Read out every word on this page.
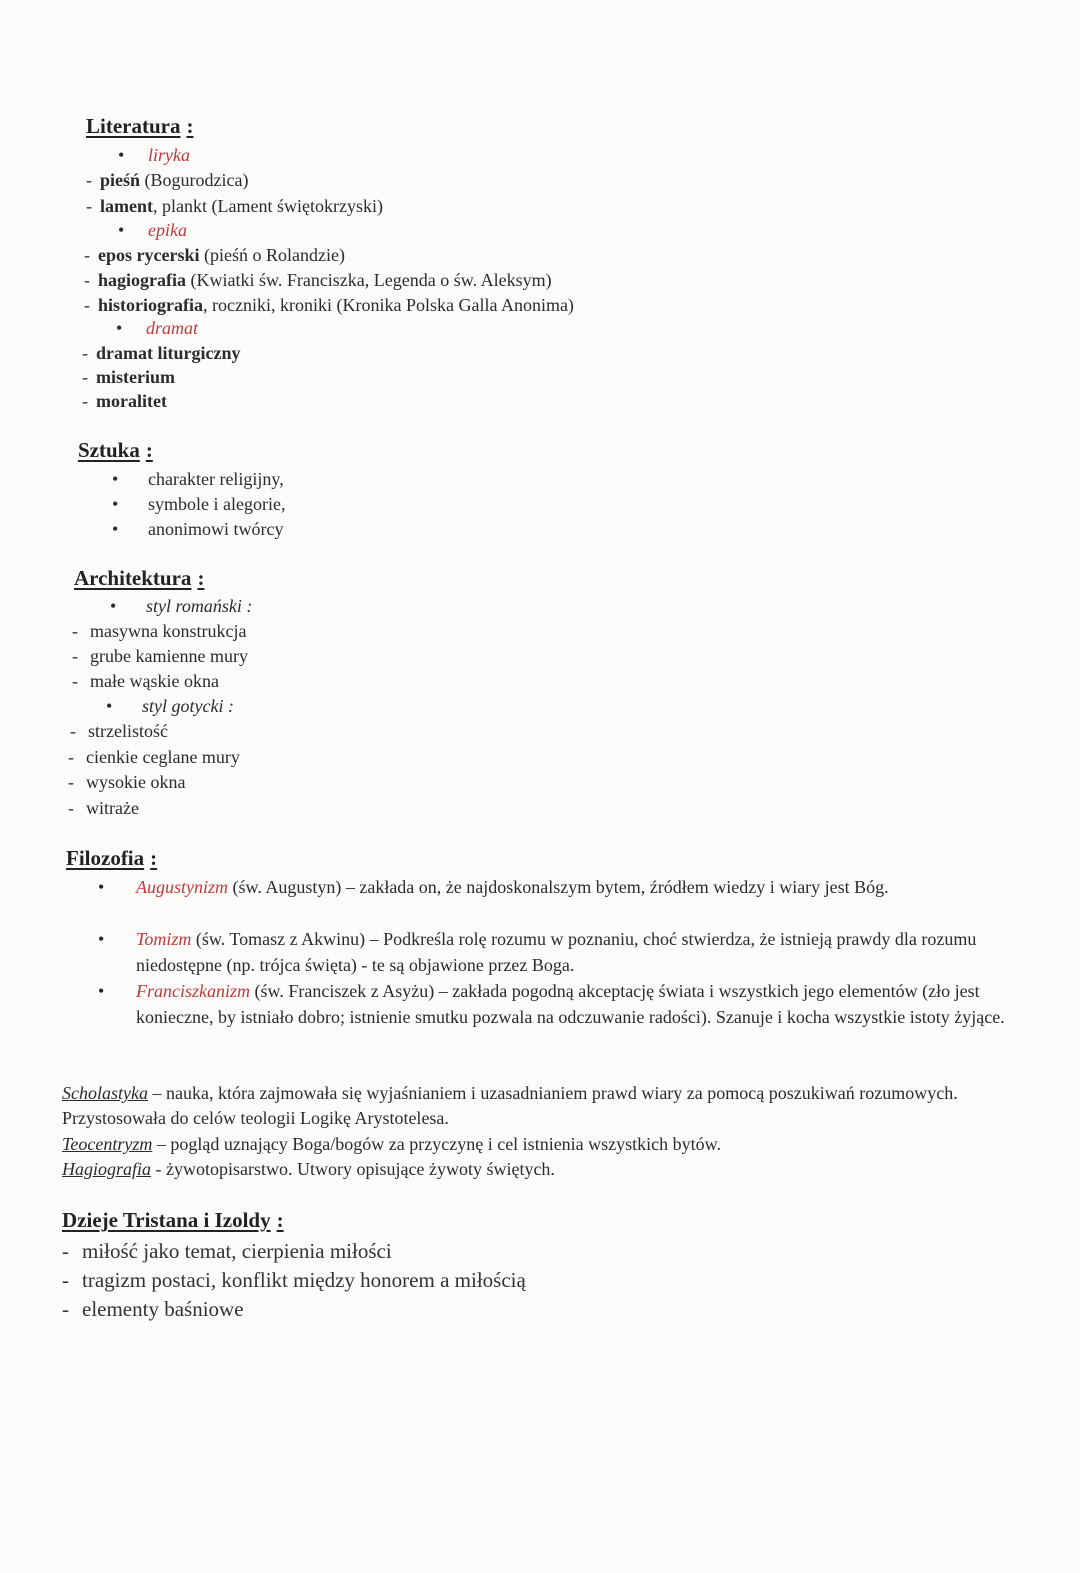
Literatura :

• liryka

- pieśń (Bogurodzica)

- lament, plankt (Lament świętokrzyski)

• epika

- epos rycerski (pieśń o Rolandzie)

- hagiografia (Kwiatki św. Franciszka, Legenda o św. Aleksym)

- historiografia, roczniki, kroniki (Kronika Polska Galla Anonima)

• dramat

- dramat liturgiczny

- misterium

- moralitet

Sztuka :

• charakter religijny,

• symbole i alegorie,

• anonimowi twórcy

Architektura :

• styl romański :

- masywna konstrukcja

- grube kamienne mury

- małe wąskie okna

• styl gotycki :

- strzelistość

- cienkie ceglane mury

- wysokie okna

- witraże

Filozofia :

• Augustynizm (św. Augustyn) – zakłada on, że najdoskonalszym bytem, źródłem wiedzy i wiary jest Bóg.

• Tomizm (św. Tomasz z Akwinu) – Podkreśla rolę rozumu w poznaniu, choć stwierdza, że istnieją prawdy dla rozumu niedostępne (np. trójca święta) - te są objawione przez Boga.

• Franciszkanizm (św. Franciszek z Asyżu) – zakłada pogodną akceptację świata i wszystkich jego elementów (zło jest konieczne, by istniało dobro; istnienie smutku pozwala na odczuwanie radości). Szanuje i kocha wszystkie istoty żyjące.

Scholastyka – nauka, która zajmowała się wyjaśnianiem i uzasadnianiem prawd wiary za pomocą poszukiwań rozumowych. Przystosowała do celów teologii Logikę Arystotelesa.

Teocentryzm – pogląd uznający Boga/bogów za przyczynę i cel istnienia wszystkich bytów.

Hagiografia - żywotopisarstwo. Utwory opisujące żywoty świętych.

Dzieje Tristana i Izoldy :

- miłość jako temat, cierpienia miłości

- tragizm postaci, konflikt między honorem a miłością

- elementy baśniowe
